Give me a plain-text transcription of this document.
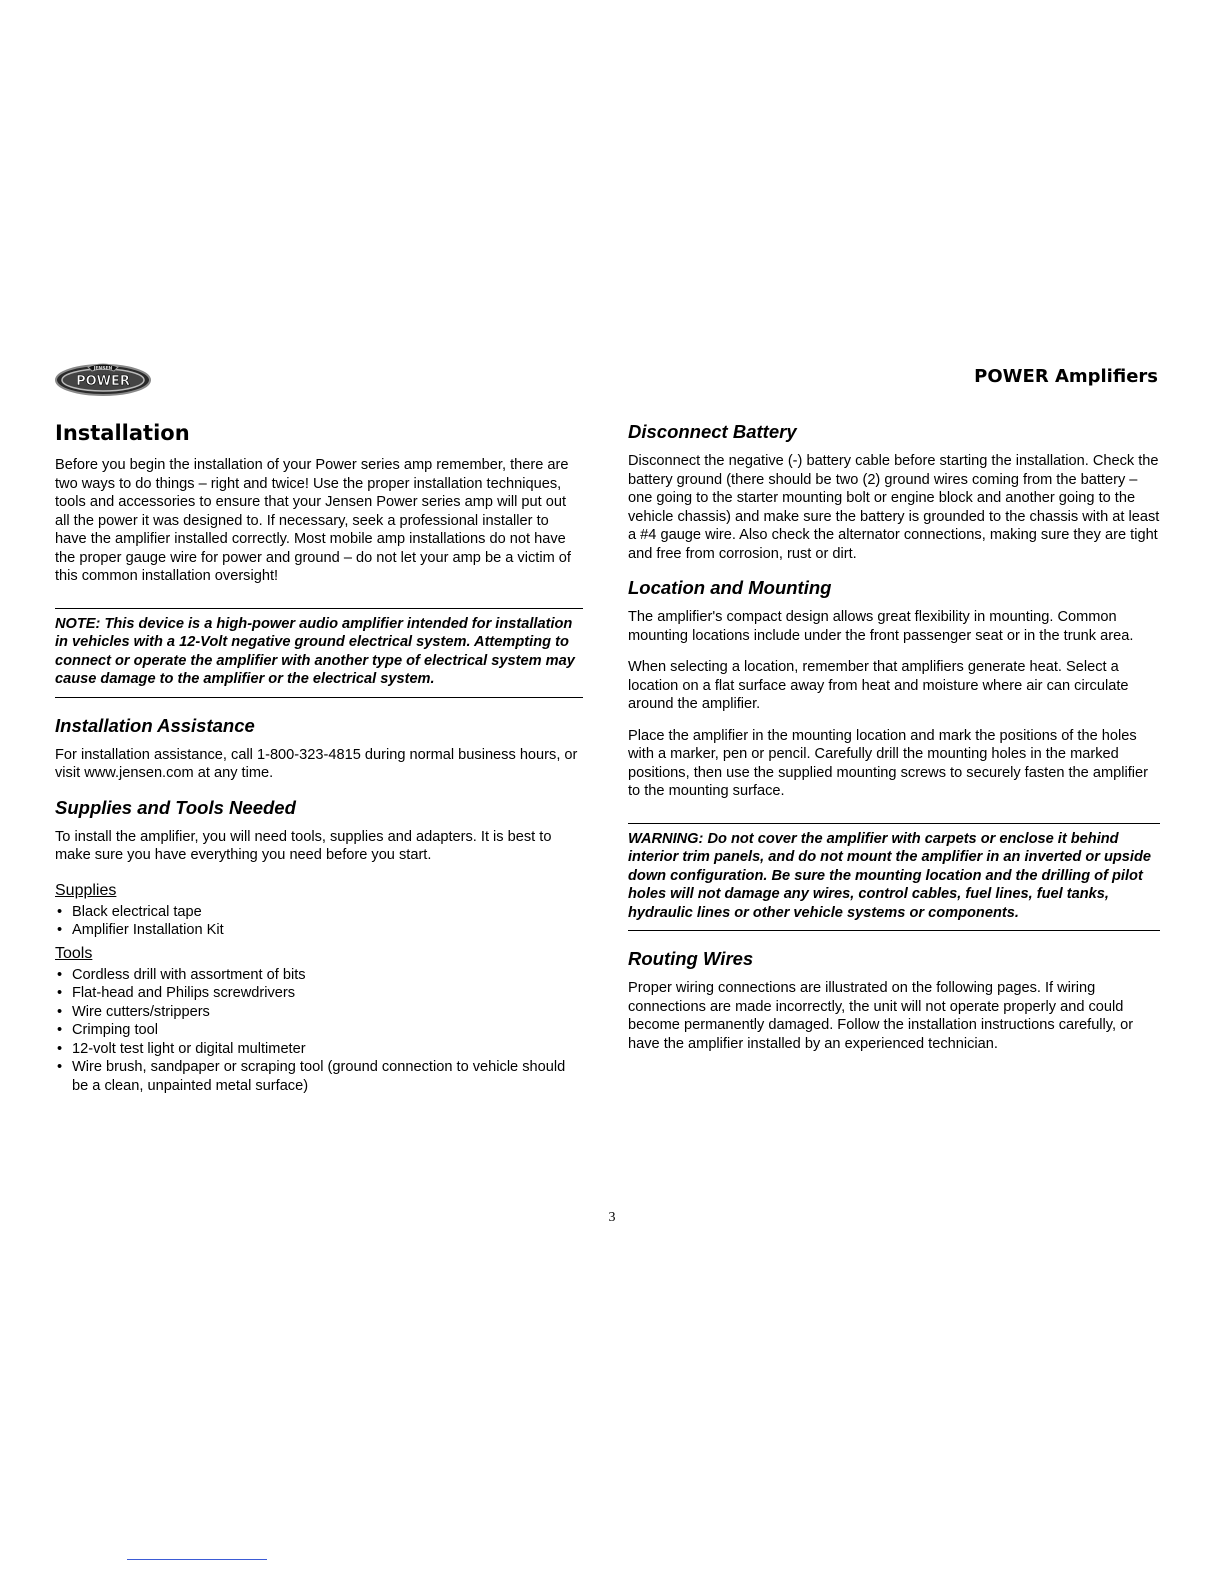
JENSEN
POWER	POWER Amplifiers
Installation

Before you begin the installation of your Power series amp remember, there are two ways to do things – right and twice! Use the proper installation techniques, tools and accessories to ensure that your Jensen Power series amp will put out all the power it was designed to. If necessary, seek a professional installer to have the amplifier installed correctly. Most mobile amp installations do not have the proper gauge wire for power and ground – do not let your amp be a victim of this common installation oversight!

NOTE: This device is a high-power audio amplifier intended for installation in vehicles with a 12-Volt negative ground electrical system. Attempting to connect or operate the amplifier with another type of electrical system may cause damage to the amplifier or the electrical system.
Installation Assistance

For installation assistance, call 1-800-323-4815 during normal business hours, or visit www.jensen.com at any time.

Supplies and Tools Needed

To install the amplifier, you will need tools, supplies and adapters. It is best to make sure you have everything you need before you start.

Supplies
• Black electrical tape
• Amplifier Installation Kit
Tools
• Cordless drill with assortment of bits
• Flat-head and Philips screwdrivers
• Wire cutters/strippers
• Crimping tool
• 12-volt test light or digital multimeter
• Wire brush, sandpaper or scraping tool (ground connection to vehicle should be a clean, unpainted metal surface)
Disconnect Battery

Disconnect the negative (-) battery cable before starting the installation. Check the battery ground (there should be two (2) ground wires coming from the battery – one going to the starter mounting bolt or engine block and another going to the vehicle chassis) and make sure the battery is grounded to the chassis with at least a #4 gauge wire. Also check the alternator connections, making sure they are tight and free from corrosion, rust or dirt.

Location and Mounting

The amplifier's compact design allows great flexibility in mounting. Common mounting locations include under the front passenger seat or in the trunk area.

When selecting a location, remember that amplifiers generate heat. Select a location on a flat surface away from heat and moisture where air can circulate around the amplifier.

Place the amplifier in the mounting location and mark the positions of the holes with a marker, pen or pencil. Carefully drill the mounting holes in the marked positions, then use the supplied mounting screws to securely fasten the amplifier to the mounting surface.

WARNING: Do not cover the amplifier with carpets or enclose it behind interior trim panels, and do not mount the amplifier in an inverted or upside down configuration. Be sure the mounting location and the drilling of pilot holes will not damage any wires, control cables, fuel lines, fuel tanks, hydraulic lines or other vehicle systems or components.
Routing Wires

Proper wiring connections are illustrated on the following pages. If wiring connections are made incorrectly, the unit will not operate properly and could become permanently damaged. Follow the installation instructions carefully, or have the amplifier installed by an experienced technician.

3
